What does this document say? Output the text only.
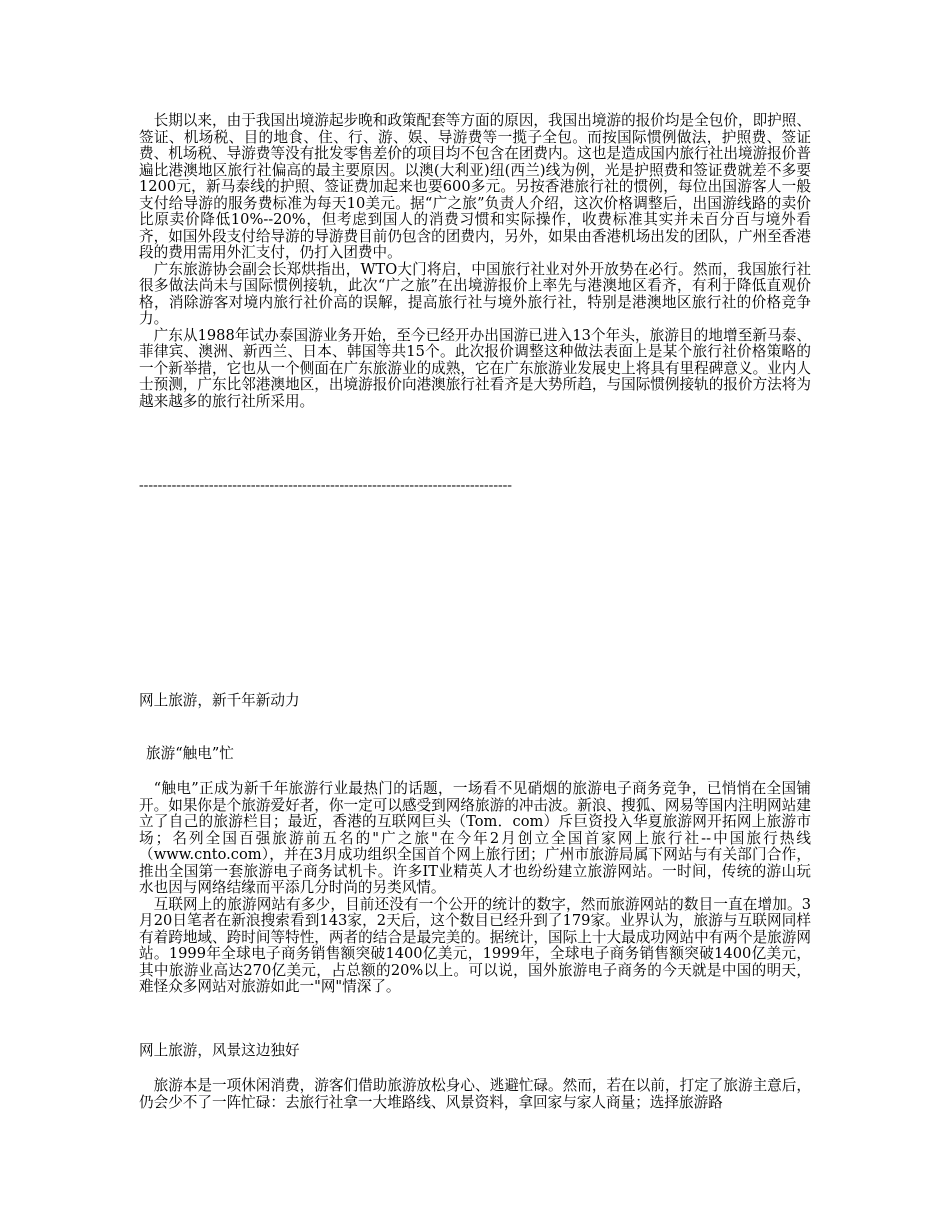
长期以来，由于我国出境游起步晚和政策配套等方面的原因，我国出境游的报价均是全包价，即护照、签证、机场税、目的地食、住、行、游、娱、导游费等一揽子全包。而按国际惯例做法，护照费、签证费、机场税、导游费等没有批发零售差价的项目均不包含在团费内。这也是造成国内旅行社出境游报价普遍比港澳地区旅行社偏高的最主要原因。以澳(大利亚)纽(西兰)线为例，光是护照费和签证费就差不多要1200元，新马泰线的护照、签证费加起来也要600多元。另按香港旅行社的惯例，每位出国游客人一般支付给导游的服务费标准为每天10美元。据“广之旅”负责人介绍，这次价格调整后，出国游线路的卖价比原卖价降低10%--20%，但考虑到国人的消费习惯和实际操作，收费标准其实并未百分百与境外看齐，如国外段支付给导游的导游费目前仍包含的团费内，另外，如果由香港机场出发的团队，广州至香港段的费用需用外汇支付，仍打入团费中。

广东旅游协会副会长郑烘指出，WTO大门将启，中国旅行社业对外开放势在必行。然而，我国旅行社很多做法尚未与国际惯例接轨，此次“广之旅”在出境游报价上率先与港澳地区看齐，有利于降低直观价格，消除游客对境内旅行社价高的误解，提高旅行社与境外旅行社，特别是港澳地区旅行社的价格竞争力。

广东从1988年试办泰国游业务开始，至今已经开办出国游已进入13个年头，旅游目的地增至新马泰、菲律宾、澳洲、新西兰、日本、韩国等共15个。此次报价调整这种做法表面上是某个旅行社价格策略的一个新举措，它也从一个侧面在广东旅游业的成熟，它在广东旅游业发展史上将具有里程碑意义。业内人士预测，广东比邻港澳地区，出境游报价向港澳旅行社看齐是大势所趋，与国际惯例接轨的报价方法将为越来越多的旅行社所采用。

--------------------------------------------------------------------------------
网上旅游，新千年新动力
旅游“触电”忙

“触电”正成为新千年旅游行业最热门的话题，一场看不见硝烟的旅游电子商务竞争，已悄悄在全国铺开。如果你是个旅游爱好者，你一定可以感受到网络旅游的冲击波。新浪、搜狐、网易等国内注明网站建立了自己的旅游栏目；最近，香港的互联网巨头（Tom．com）斥巨资投入华夏旅游网开拓网上旅游市场；名列全国百强旅游前五名的"广之旅"在今年2月创立全国首家网上旅行社--中国旅行热线（www.cnto.com），并在3月成功组织全国首个网上旅行团；广州市旅游局属下网站与有关部门合作，推出全国第一套旅游电子商务试机卡。许多IT业精英人才也纷纷建立旅游网站。一时间，传统的游山玩水也因与网络结缘而平添几分时尚的另类风情。

互联网上的旅游网站有多少，目前还没有一个公开的统计的数字，然而旅游网站的数目一直在增加。3月20日笔者在新浪搜索看到143家，2天后，这个数目已经升到了179家。业界认为，旅游与互联网同样有着跨地域、跨时间等特性，两者的结合是最完美的。据统计，国际上十大最成功网站中有两个是旅游网站。1999年全球电子商务销售额突破1400亿美元，1999年，全球电子商务销售额突破1400亿美元，其中旅游业高达270亿美元，占总额的20%以上。可以说，国外旅游电子商务的今天就是中国的明天，难怪众多网站对旅游如此一"网"情深了。

网上旅游，风景这边独好

旅游本是一项休闲消费，游客们借助旅游放松身心、逃避忙碌。然而，若在以前，打定了旅游主意后，仍会少不了一阵忙碌：去旅行社拿一大堆路线、风景资料，拿回家与家人商量；选择旅游路
